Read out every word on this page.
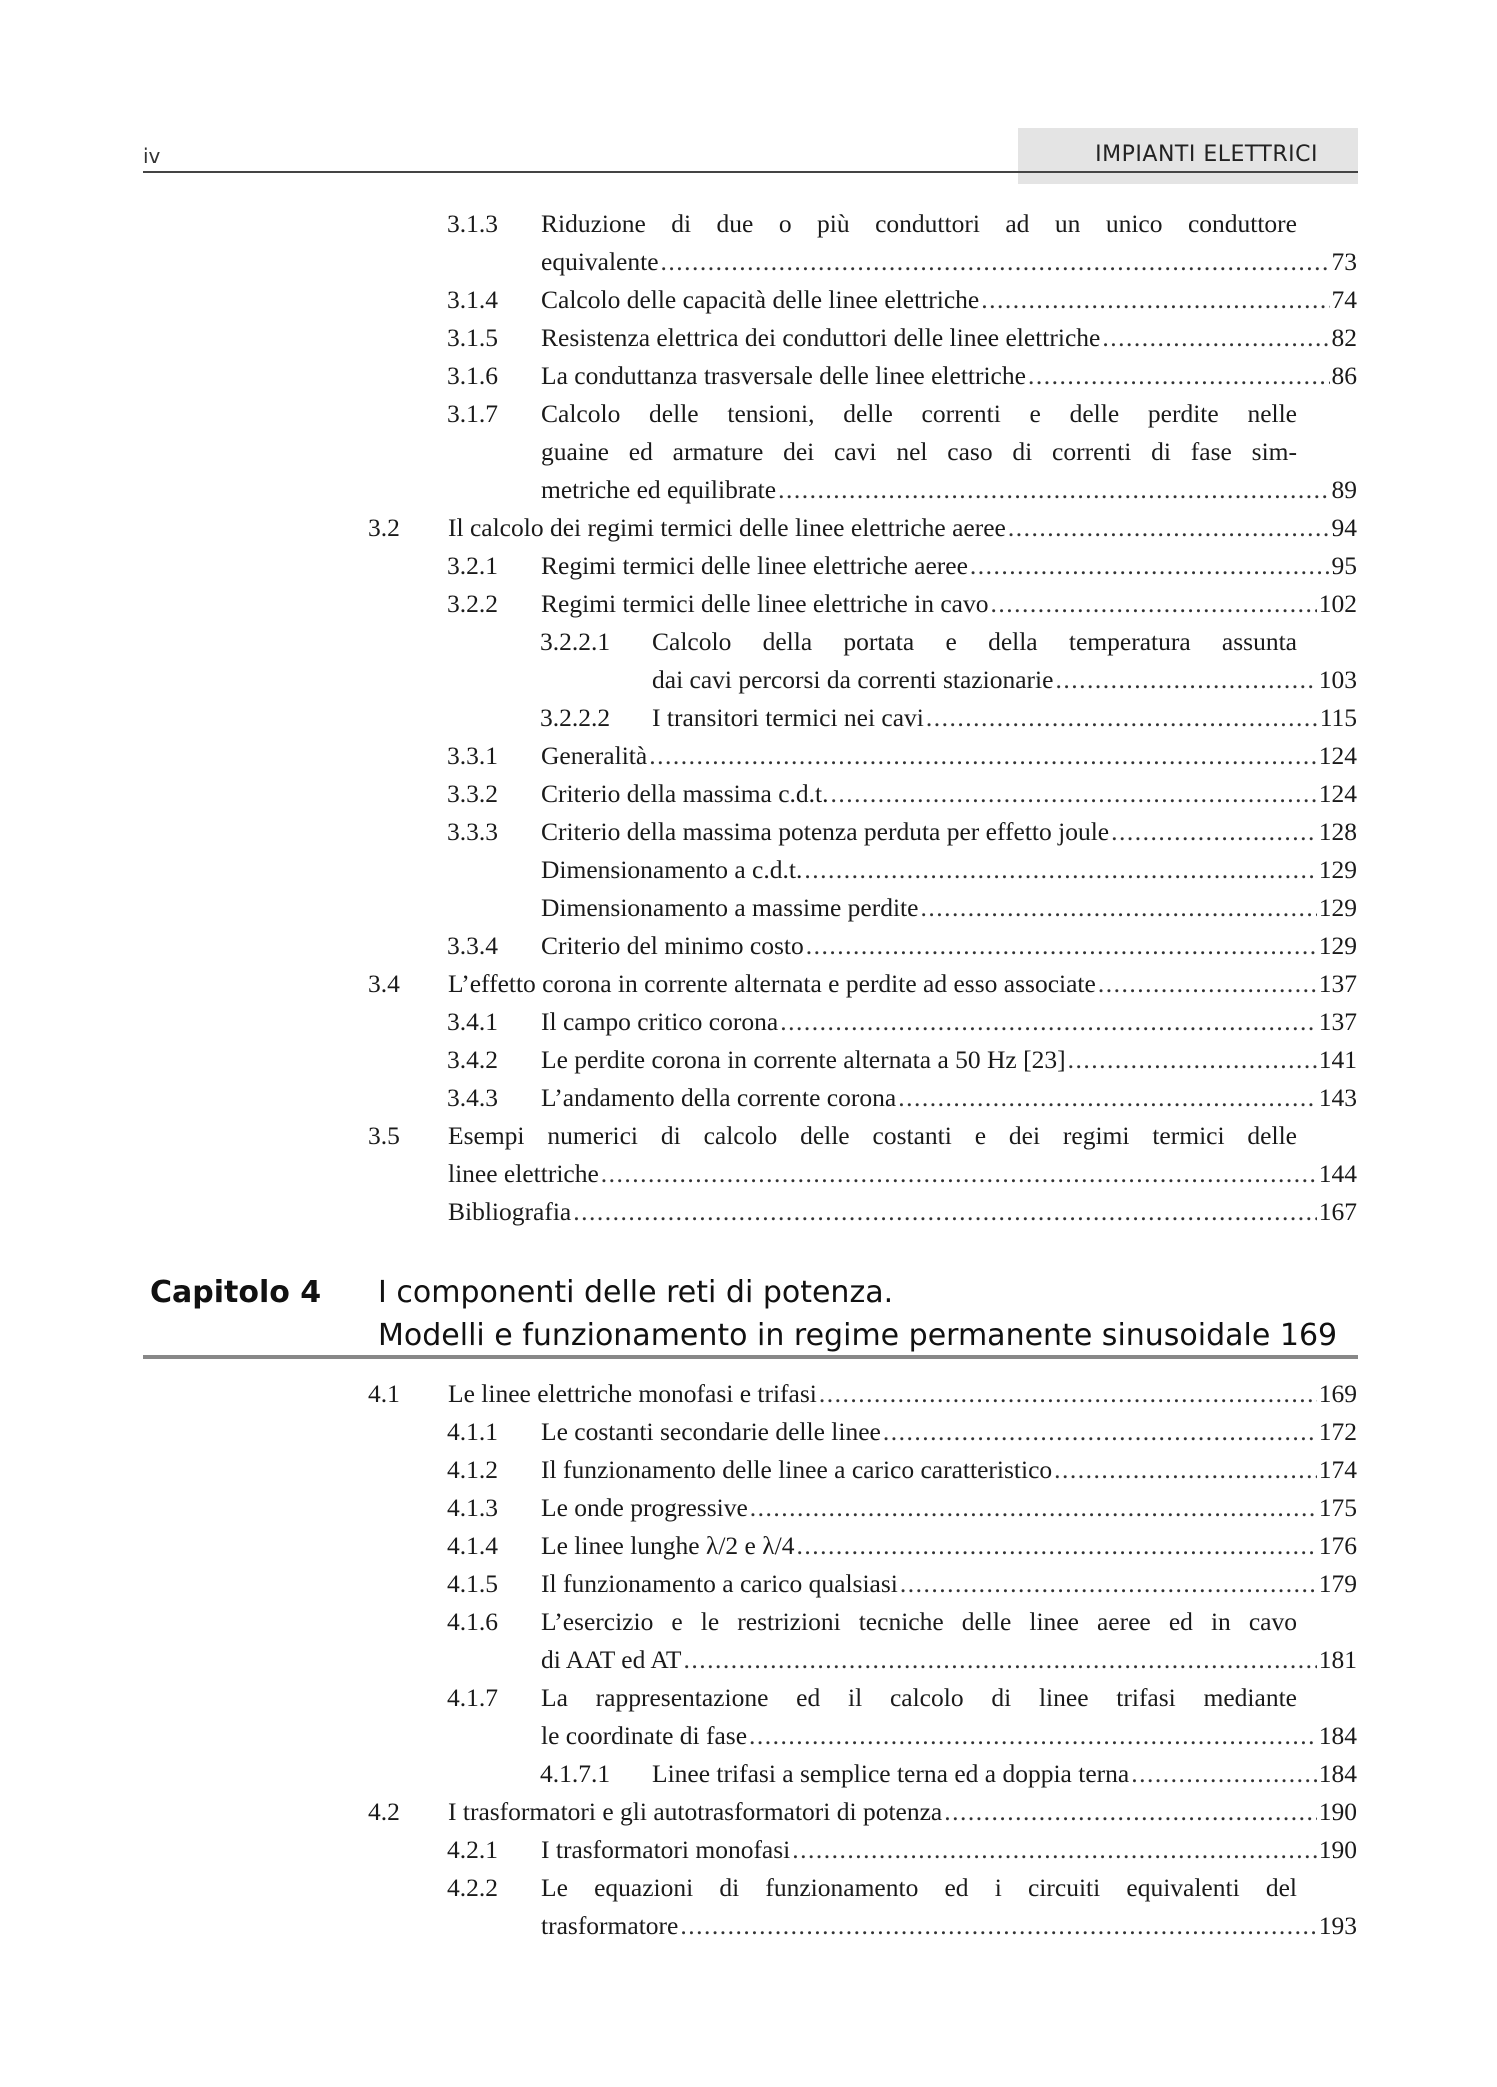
iv	IMPIANTI ELETTRICI
3.1.3 Riduzione di due o più conduttori ad un unico conduttore
equivalente .....	73
3.1.4 Calcolo delle capacità delle linee elettriche .....	74
3.1.5 Resistenza elettrica dei conduttori delle linee elettriche .....	82
3.1.6 La conduttanza trasversale delle linee elettriche .....	86
3.1.7 Calcolo delle tensioni, delle correnti e delle perdite nelle
guaine ed armature dei cavi nel caso di correnti di fase sim-
metriche ed equilibrate .....	89
3.2 Il calcolo dei regimi termici delle linee elettriche aeree .....	94
3.2.1 Regimi termici delle linee elettriche aeree .....	95
3.2.2 Regimi termici delle linee elettriche in cavo .....	102
3.2.2.1 Calcolo della portata e della temperatura assunta
dai cavi percorsi da correnti stazionarie .....	103
3.2.2.2 I transitori termici nei cavi .....	115
3.3.1 Generalità .....	124
3.3.2 Criterio della massima c.d.t. .....	124
3.3.3 Criterio della massima potenza perduta per effetto joule .....	128
Dimensionamento a c.d.t. .....	129
Dimensionamento a massime perdite .....	129
3.3.4 Criterio del minimo costo .....	129
3.4 L’effetto corona in corrente alternata e perdite ad esso associate .....	137
3.4.1 Il campo critico corona .....	137
3.4.2 Le perdite corona in corrente alternata a 50 Hz [23] .....	141
3.4.3 L’andamento della corrente corona .....	143
3.5 Esempi numerici di calcolo delle costanti e dei regimi termici delle
linee elettriche .....	144
Bibliografia .....	167
4.1 Le linee elettriche monofasi e trifasi .....	169
4.1.1 Le costanti secondarie delle linee .....	172
4.1.2 Il funzionamento delle linee a carico caratteristico .....	174
4.1.3 Le onde progressive .....	175
4.1.4 Le linee lunghe λ/2 e λ/4 .....	176
4.1.5 Il funzionamento a carico qualsiasi .....	179
4.1.6 L’esercizio e le restrizioni tecniche delle linee aeree ed in cavo
di AAT ed AT .....	181
4.1.7 La rappresentazione ed il calcolo di linee trifasi mediante
le coordinate di fase .....	184
4.1.7.1 Linee trifasi a semplice terna ed a doppia terna .....	184
4.2 I trasformatori e gli autotrasformatori di potenza .....	190
4.2.1 I trasformatori monofasi .....	190
4.2.2 Le equazioni di funzionamento ed i circuiti equivalenti del
trasformatore .....	193
Capitolo 4 I componenti delle reti di potenza.
Modelli e funzionamento in regime permanente sinusoidale 169
